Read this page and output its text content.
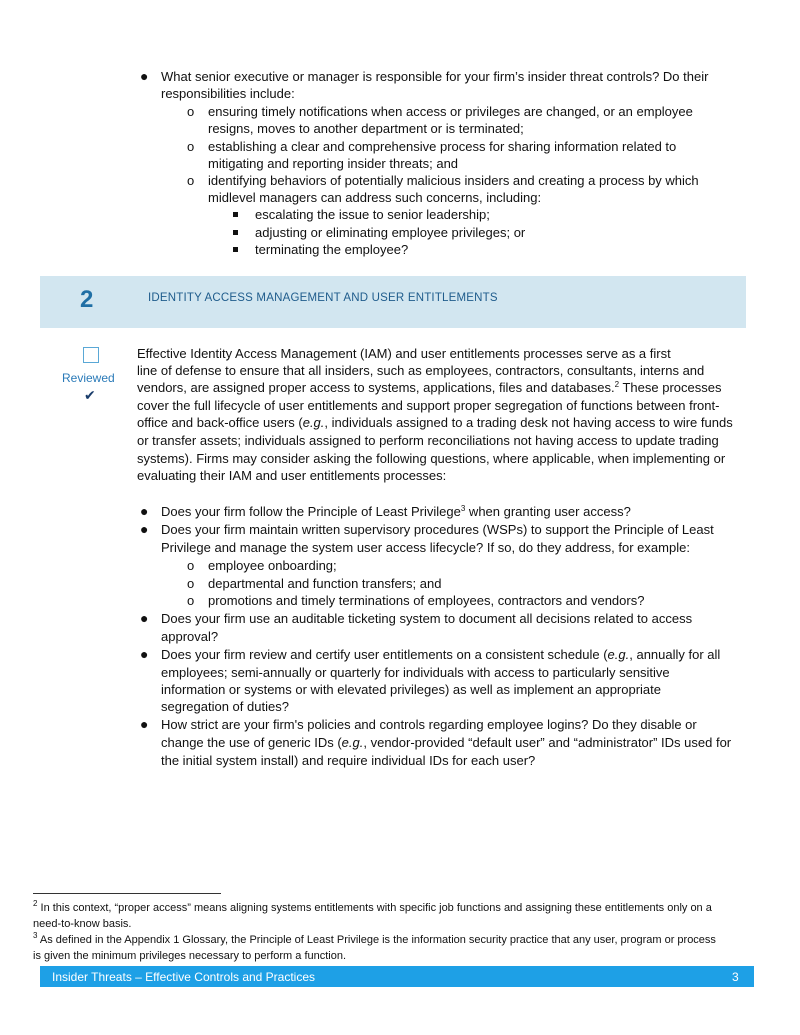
● What senior executive or manager is responsible for your firm’s insider threat controls? Do their
responsibilities include:
o ensuring timely notifications when access or privileges are changed, or an employee
resigns, moves to another department or is terminated;
o establishing a clear and comprehensive process for sharing information related to
mitigating and reporting insider threats; and
o identifying behaviors of potentially malicious insiders and creating a process by which
midlevel managers can address such concerns, including:
escalating the issue to senior leadership;
adjusting or eliminating employee privileges; or
terminating the employee?
2	IDENTITY ACCESS MANAGEMENT AND USER ENTITLEMENTS
Reviewed
✔
Effective Identity Access Management (IAM) and user entitlements processes serve as a first
line of defense to ensure that all insiders, such as employees, contractors, consultants, interns and
vendors, are assigned proper access to systems, applications, files and databases.$^2$ These processes
cover the full lifecycle of user entitlements and support proper segregation of functions between front-
office and back-office users (e.g., individuals assigned to a trading desk not having access to wire funds
or transfer assets; individuals assigned to perform reconciliations not having access to update trading
systems). Firms may consider asking the following questions, where applicable, when implementing or
evaluating their IAM and user entitlements processes:
● Does your firm follow the Principle of Least Privilege$^3$ when granting user access?
● Does your firm maintain written supervisory procedures (WSPs) to support the Principle of Least
Privilege and manage the system user access lifecycle? If so, do they address, for example:
o employee onboarding;
o departmental and function transfers; and
o promotions and timely terminations of employees, contractors and vendors?
● Does your firm use an auditable ticketing system to document all decisions related to access
approval?
● Does your firm review and certify user entitlements on a consistent schedule (e.g., annually for all
employees; semi-annually or quarterly for individuals with access to particularly sensitive
information or systems or with elevated privileges) as well as implement an appropriate
segregation of duties?
● How strict are your firm's policies and controls regarding employee logins? Do they disable or
change the use of generic IDs (e.g., vendor-provided “default user” and “administrator” IDs used for
the initial system install) and require individual IDs for each user?
$^2$ In this context, “proper access” means aligning systems entitlements with specific job functions and assigning these entitlements only on a
need-to-know basis.
$^3$ As defined in the Appendix 1 Glossary, the Principle of Least Privilege is the information security practice that any user, program or process
is given the minimum privileges necessary to perform a function.
Insider Threats – Effective Controls and Practices	3
